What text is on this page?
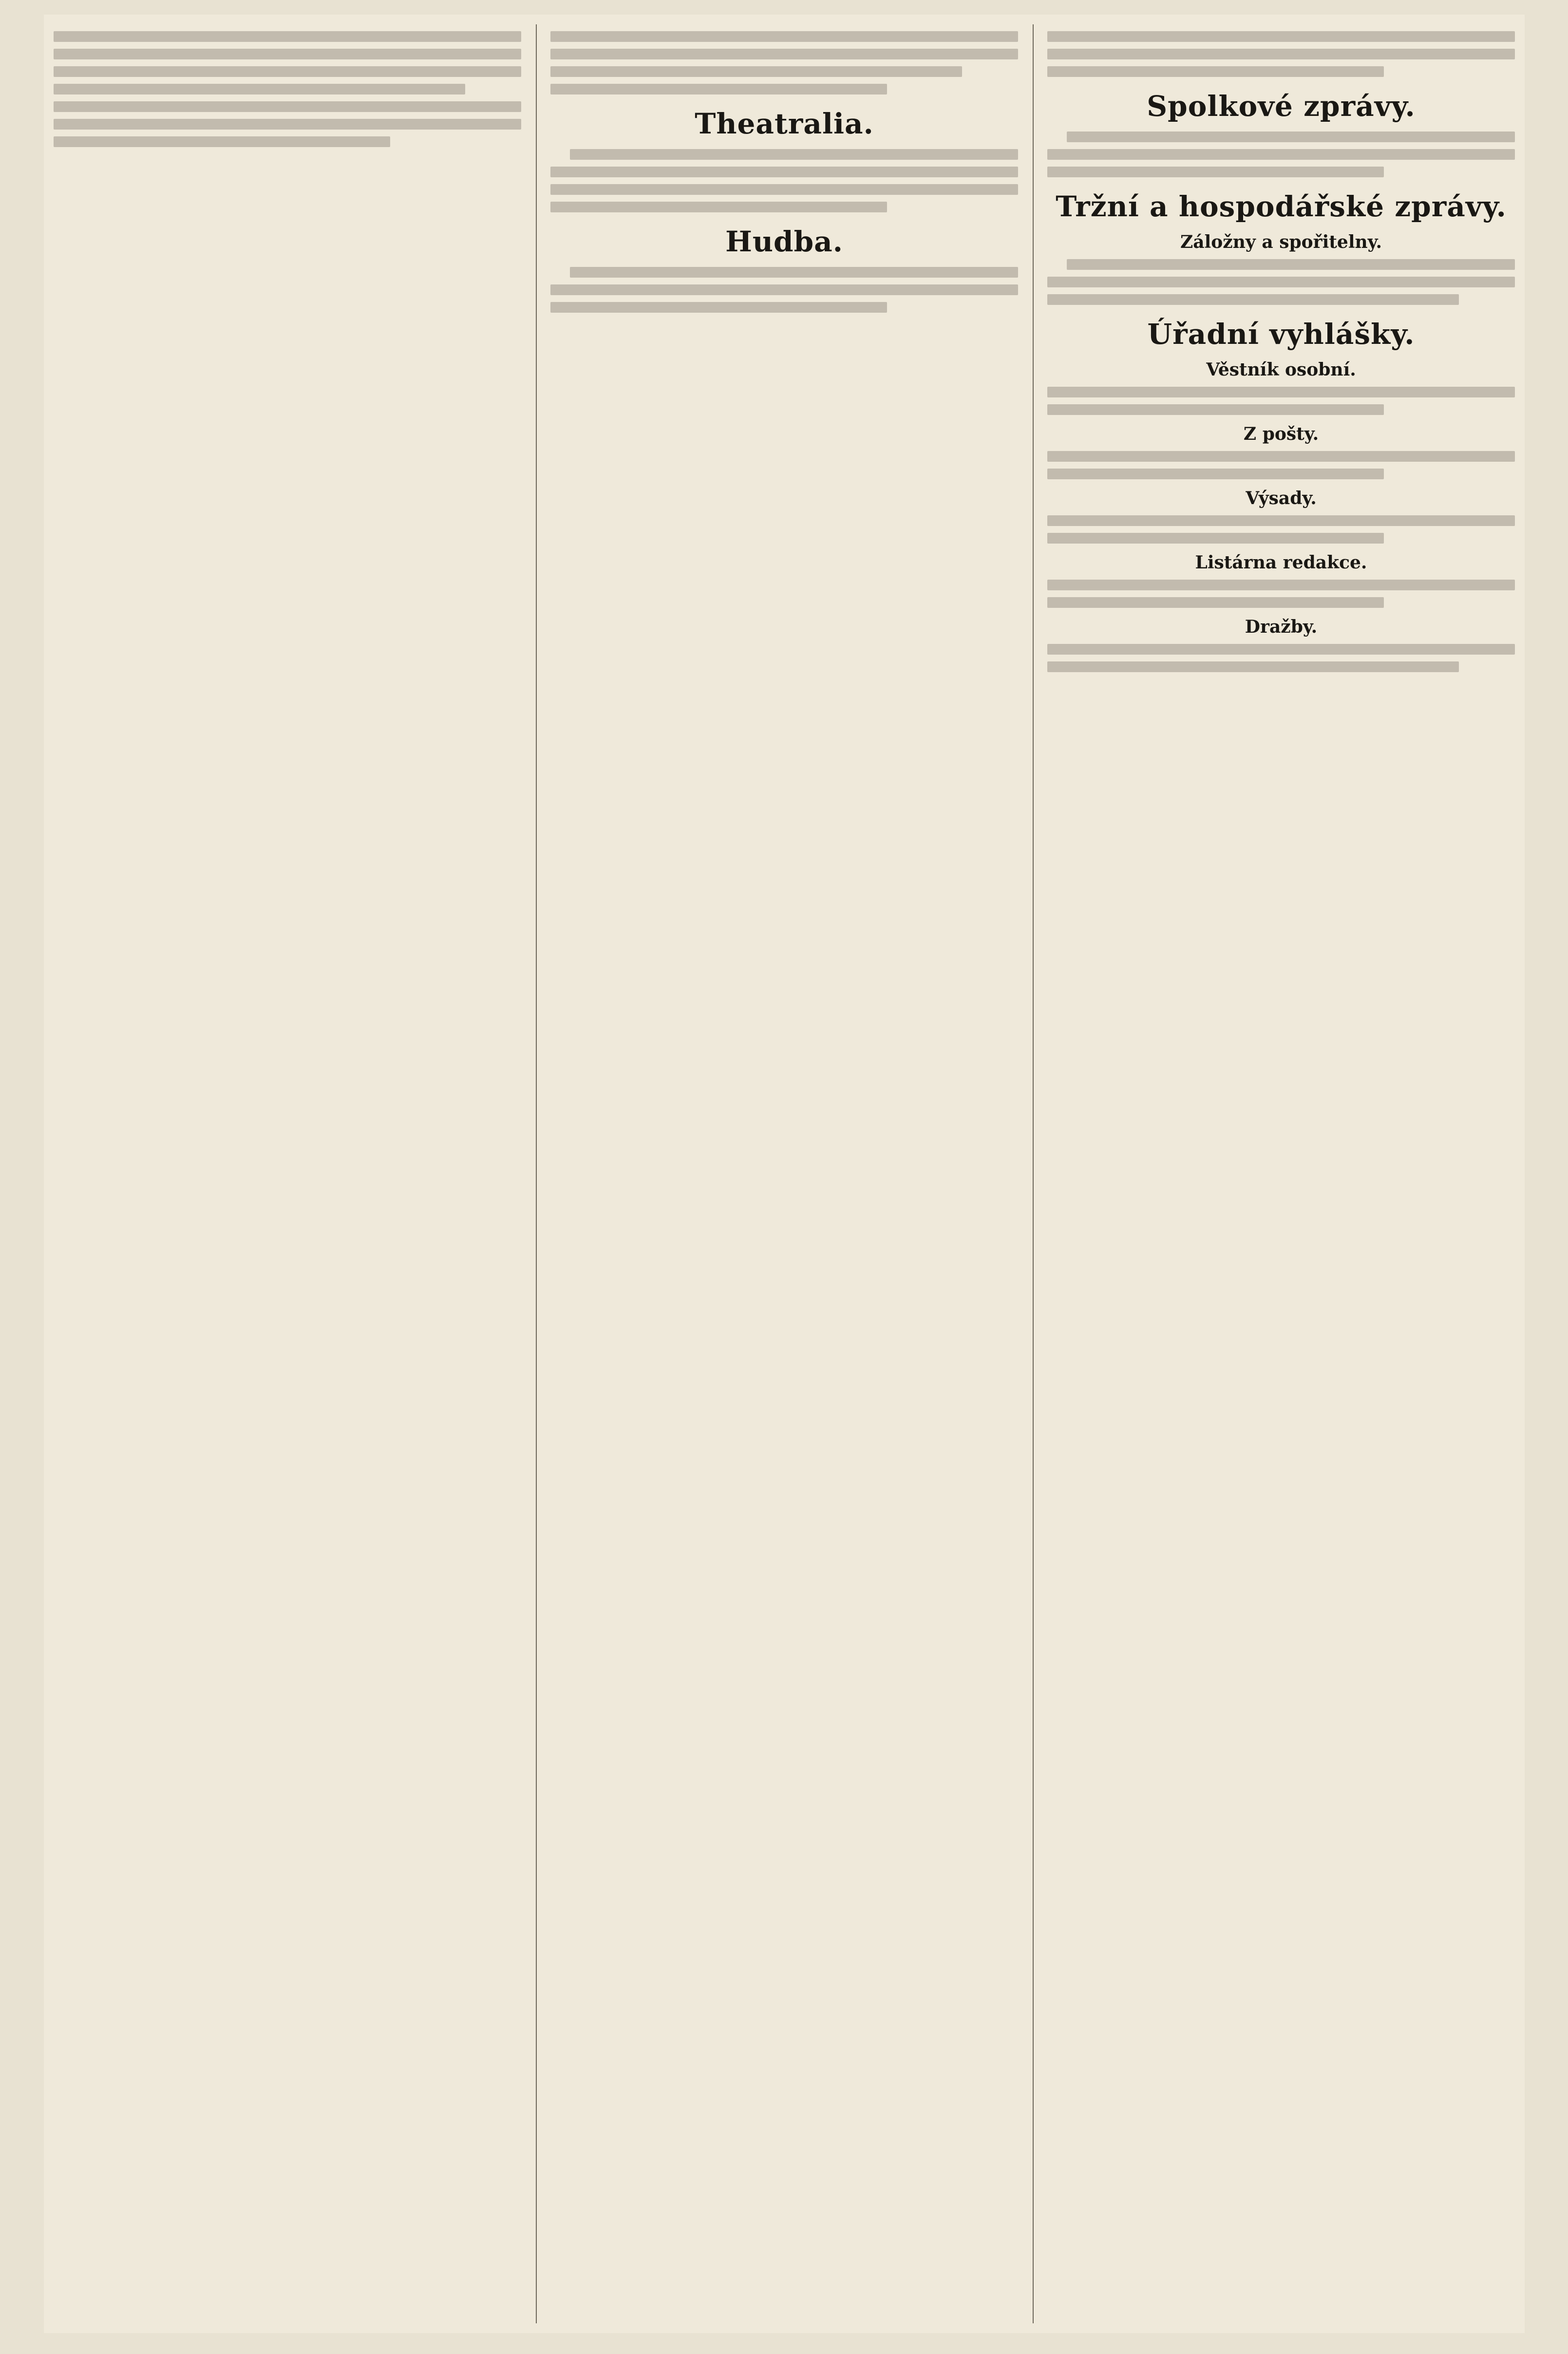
Theatralia.
Hudba.
Spolkové zprávy.
Tržní a hospodářské zprávy.
Záložny a spořitelny.
Úřadní vyhlášky.
Věstník osobní.
Z pošty.
Výsady.
Listárna redakce.
Dražby.
